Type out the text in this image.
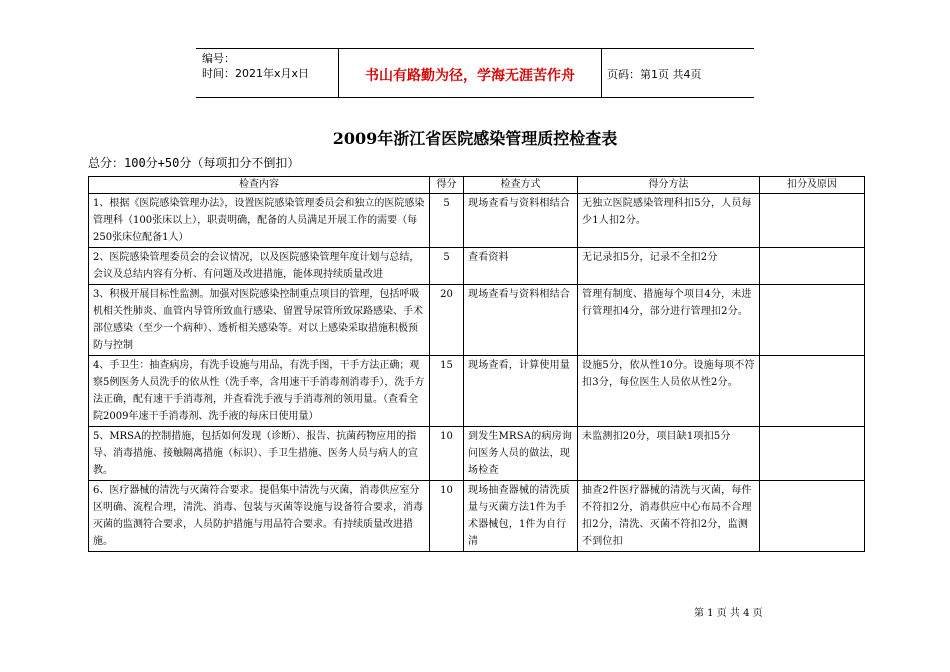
编号：
时间：2021年x月x日	书山有路勤为径，学海无涯苦作舟	页码：第1页 共4页
2009年浙江省医院感染管理质控检查表
总分：100分+50分（每项扣分不倒扣）
检查内容	得分	检查方式	得分方法	扣分及原因
1、根据《医院感染管理办法》，设置医院感染管理委员会和独立的医院感染管理科（100张床以上），职责明确，配备的人员满足开展工作的需要（每250张床位配备1人）	5	现场查看与资料相结合	无独立医院感染管理科扣5分，人员每少1人扣2分。	
2、医院感染管理委员会的会议情况，以及医院感染管理年度计划与总结，会议及总结内容有分析、有问题及改进措施，能体现持续质量改进	5	查看资料	无记录扣5分，记录不全扣2分	
3、积极开展目标性监测。加强对医院感染控制重点项目的管理，包括呼吸机相关性肺炎、血管内导管所致血行感染、留置导尿管所致尿路感染、手术部位感染（至少一个病种）、透析相关感染等。对以上感染采取措施积极预防与控制	20	现场查看与资料相结合	管理有制度、措施每个项目4分，未进行管理扣4分，部分进行管理扣2分。	
4、手卫生：抽查病房，有洗手设施与用品，有洗手图，干手方法正确；观察5例医务人员洗手的依从性（洗手率，含用速干手消毒剂消毒手），洗手方法正确，配有速干手消毒剂，并查看洗手液与手消毒剂的领用量。（查看全院2009年速干手消毒剂、洗手液的每床日使用量）	15	现场查看，计算使用量	设施5分，依从性10分。设施每项不符扣3分，每位医生人员依从性2分。	
5、MRSA的控制措施，包括如何发现（诊断）、报告、抗菌药物应用的指导、消毒措施、接触隔离措施（标识）、手卫生措施、医务人员与病人的宣教。	10	到发生MRSA的病房询问医务人员的做法，现场检查	未监测扣20分，项目缺1项扣5分	
6、医疗器械的清洗与灭菌符合要求。提倡集中清洗与灭菌，消毒供应室分区明确、流程合理，清洗、消毒、包装与灭菌等设施与设备符合要求，消毒灭菌的监测符合要求，人员防护措施与用品符合要求。有持续质量改进措施。	10	现场抽查器械的清洗质量与灭菌方法1件为手术器械包，1件为自行清	抽查2件医疗器械的清洗与灭菌，每件不符扣2分，消毒供应中心布局不合理扣2分，清洗、灭菌不符扣2分，监测不到位扣	
第 1 页 共 4 页
